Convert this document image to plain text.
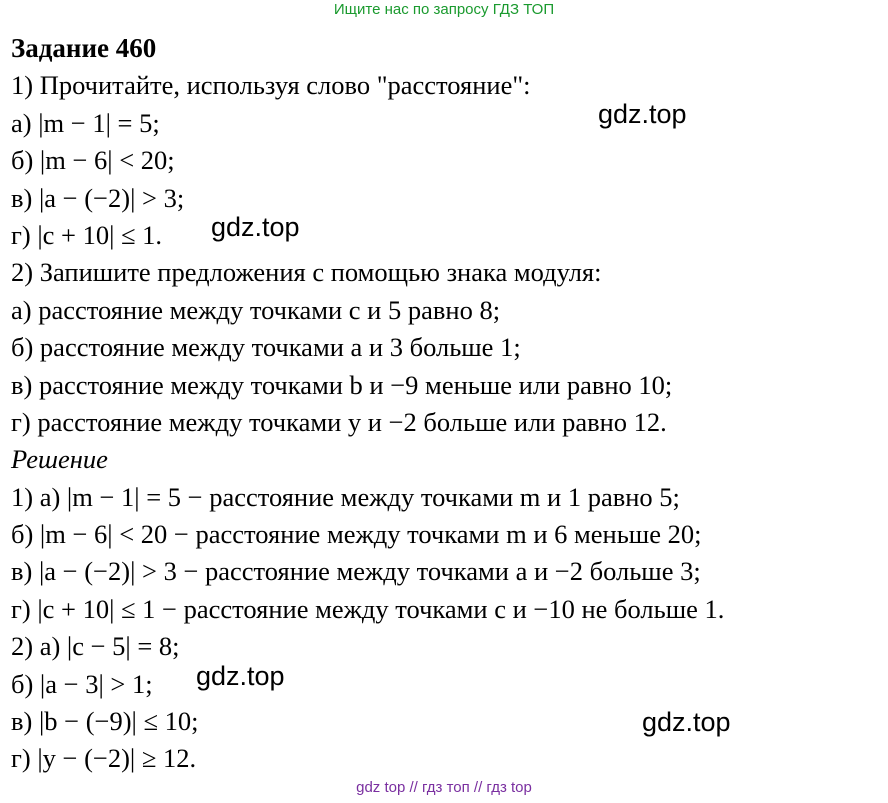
Ищите нас по запросу ГДЗ ТОП
Задание 460
1) Прочитайте, используя слово "расстояние":
а) |m − 1| = 5;
б) |m − 6| < 20;
в) |a − (−2)| > 3;
г) |c + 10| ≤ 1.
2) Запишите предложения с помощью знака модуля:
а) расстояние между точками c и 5 равно 8;
б) расстояние между точками a и 3 больше 1;
в) расстояние между точками b и −9 меньше или равно 10;
г) расстояние между точками y и −2 больше или равно 12.
Решение
1) а) |m − 1| = 5 − расстояние между точками m и 1 равно 5;
б) |m − 6| < 20 − расстояние между точками m и 6 меньше 20;
в) |a − (−2)| > 3 − расстояние между точками a и −2 больше 3;
г) |c + 10| ≤ 1 − расстояние между точками c и −10 не больше 1.
2) а) |c − 5| = 8;
б) |a − 3| > 1;
в) |b − (−9)| ≤ 10;
г) |y − (−2)| ≥ 12.
gdz.top
gdz.top
gdz.top
gdz.top
gdz top // гдз топ // гдз top
